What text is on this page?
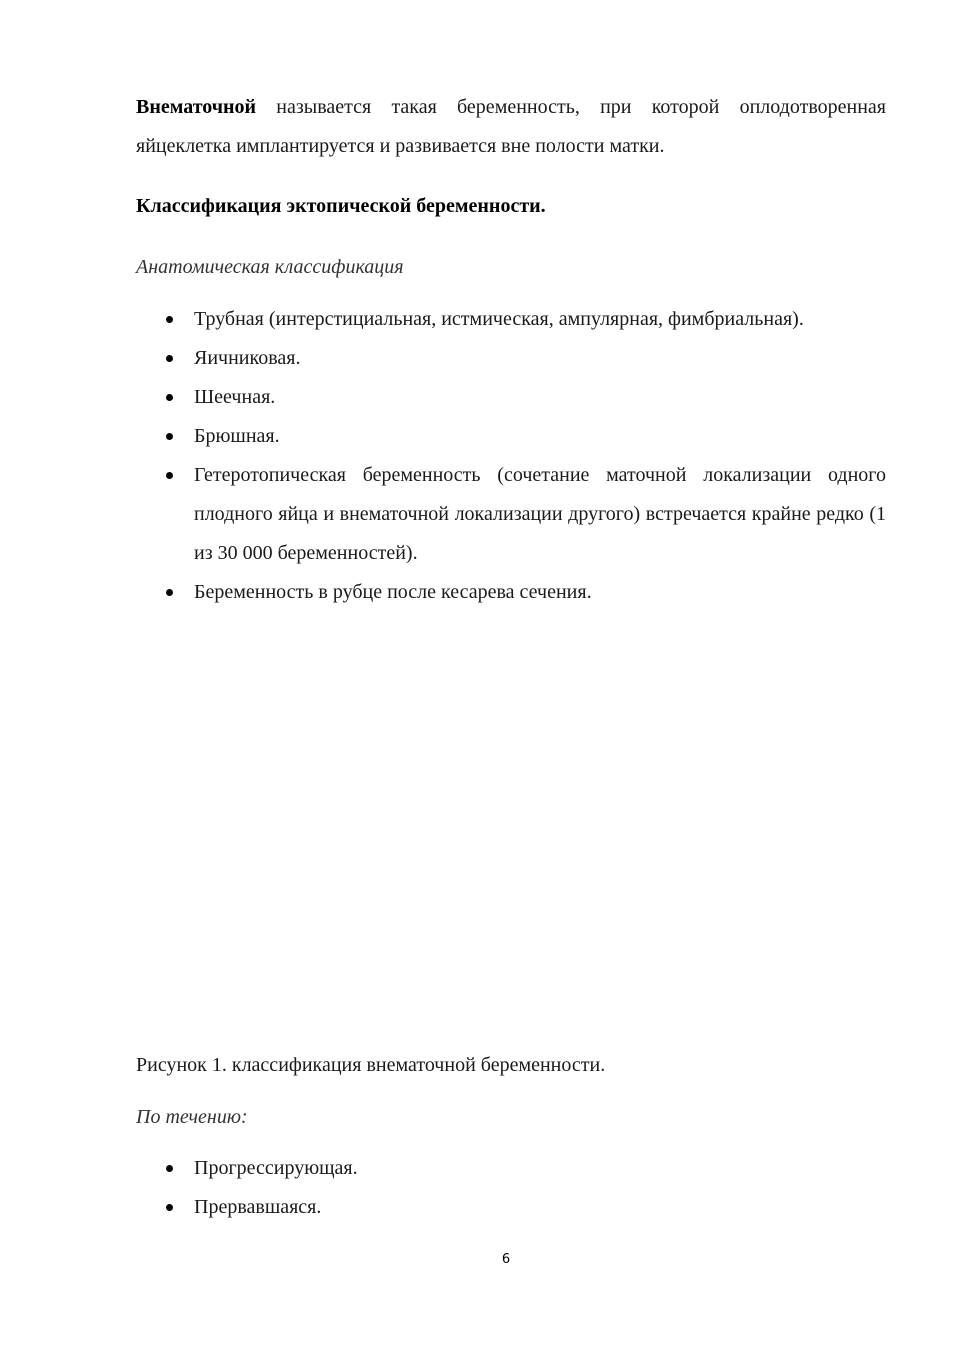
Внематочной называется такая беременность, при которой оплодотворенная яйцеклетка имплантируется и развивается вне полости матки.

Классификация эктопической беременности.
Анатомическая классификация
Трубная (интерстициальная, истмическая, ампулярная, фимбриальная).
Яичниковая.
Шеечная.
Брюшная.
Гетеротопическая беременность (сочетание маточной локализации одного плодного яйца и внематочной локализации другого) встречается крайне редко (1 из 30 000 беременностей).
Беременность в рубце после кесарева сечения.
Рисунок 1. классификация внематочной беременности.
По течению:
Прогрессирующая.
Прервавшаяся.
6
